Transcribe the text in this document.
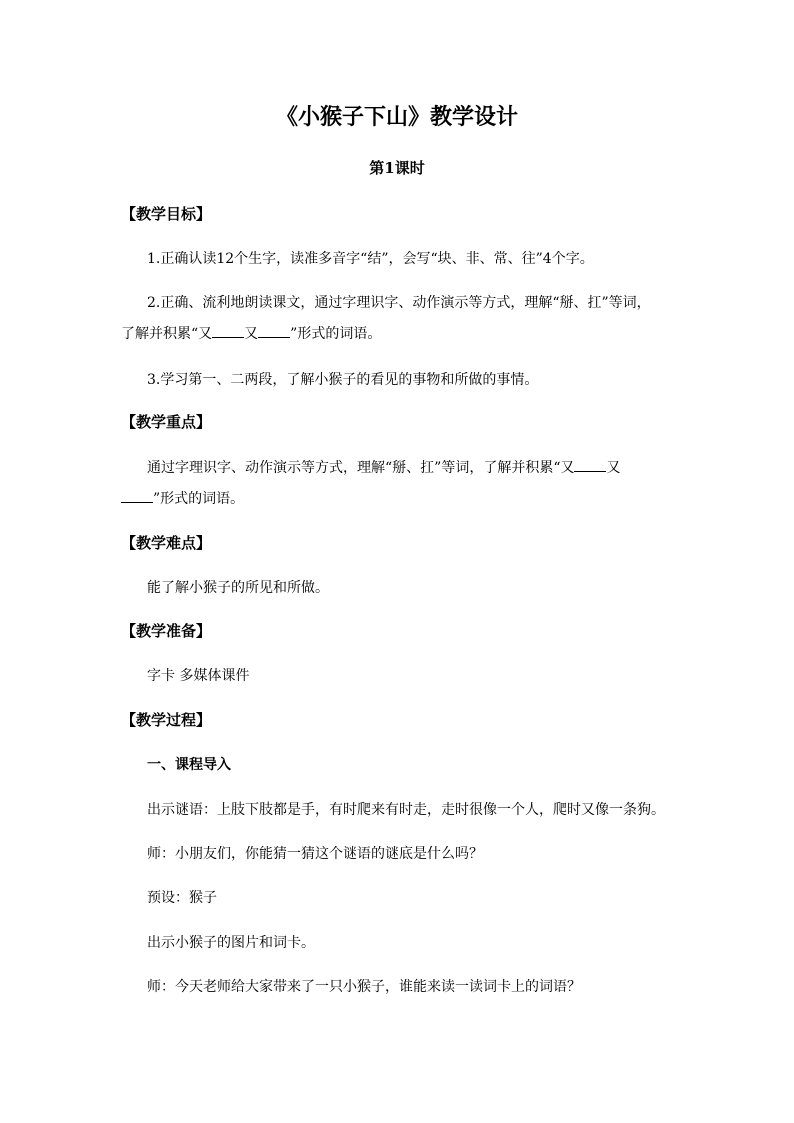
《小猴子下山》教学设计
第1课时
【教学目标】
1.正确认读12个生字，读准多音字“结”，会写“块、非、常、往”4个字。
2.正确、流利地朗读课文，通过字理识字、动作演示等方式，理解“掰、扛”等词，
了解并积累“又 又 ”形式的词语。
3.学习第一、二两段，了解小猴子的看见的事物和所做的事情。
【教学重点】
通过字理识字、动作演示等方式，理解“掰、扛”等词，了解并积累“又 又
”形式的词语。
【教学难点】
能了解小猴子的所见和所做。
【教学准备】
字卡 多媒体课件
【教学过程】
一、课程导入
出示谜语：上肢下肢都是手，有时爬来有时走，走时很像一个人，爬时又像一条狗。
师：小朋友们，你能猜一猜这个谜语的谜底是什么吗？
预设：猴子
出示小猴子的图片和词卡。
师：今天老师给大家带来了一只小猴子，谁能来读一读词卡上的词语？
